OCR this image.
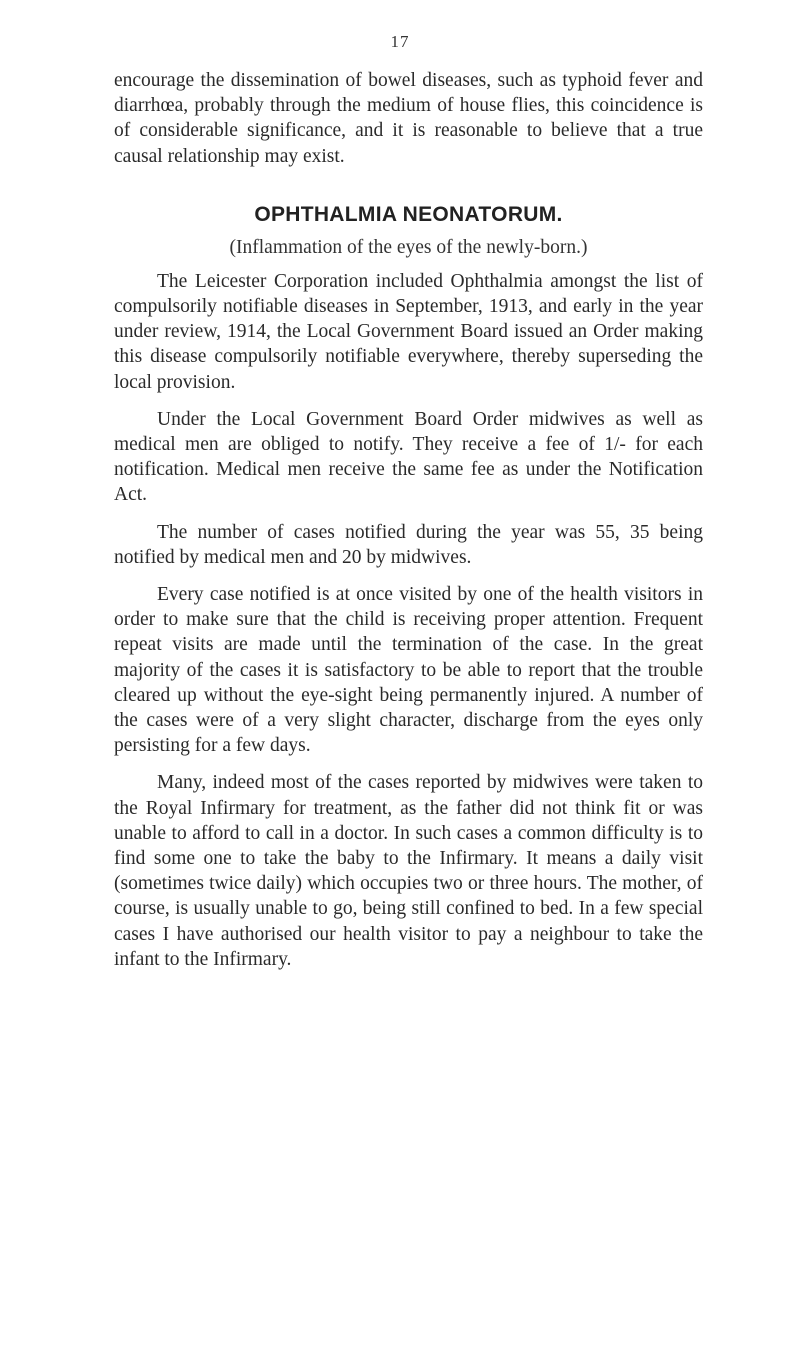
17

encourage the dissemination of bowel diseases, such as typhoid fever and diarrhœa, probably through the medium of house flies, this coincidence is of considerable significance, and it is reasonable to believe that a true causal relationship may exist.

OPHTHALMIA NEONATORUM.
(Inflammation of the eyes of the newly-born.)

The Leicester Corporation included Ophthalmia amongst the list of compulsorily notifiable diseases in September, 1913, and early in the year under review, 1914, the Local Government Board issued an Order making this disease compulsorily notifiable everywhere, thereby superseding the local provision.

Under the Local Government Board Order midwives as well as medical men are obliged to notify. They receive a fee of 1/- for each notification. Medical men receive the same fee as under the Notification Act.

The number of cases notified during the year was 55, 35 being notified by medical men and 20 by midwives.

Every case notified is at once visited by one of the health visitors in order to make sure that the child is receiving proper attention. Frequent repeat visits are made until the termination of the case. In the great majority of the cases it is satisfactory to be able to report that the trouble cleared up without the eye-sight being permanently injured. A number of the cases were of a very slight character, discharge from the eyes only persisting for a few days.

Many, indeed most of the cases reported by midwives were taken to the Royal Infirmary for treatment, as the father did not think fit or was unable to afford to call in a doctor. In such cases a common difficulty is to find some one to take the baby to the Infirmary. It means a daily visit (sometimes twice daily) which occupies two or three hours. The mother, of course, is usually unable to go, being still confined to bed. In a few special cases I have authorised our health visitor to pay a neighbour to take the infant to the Infirmary.
